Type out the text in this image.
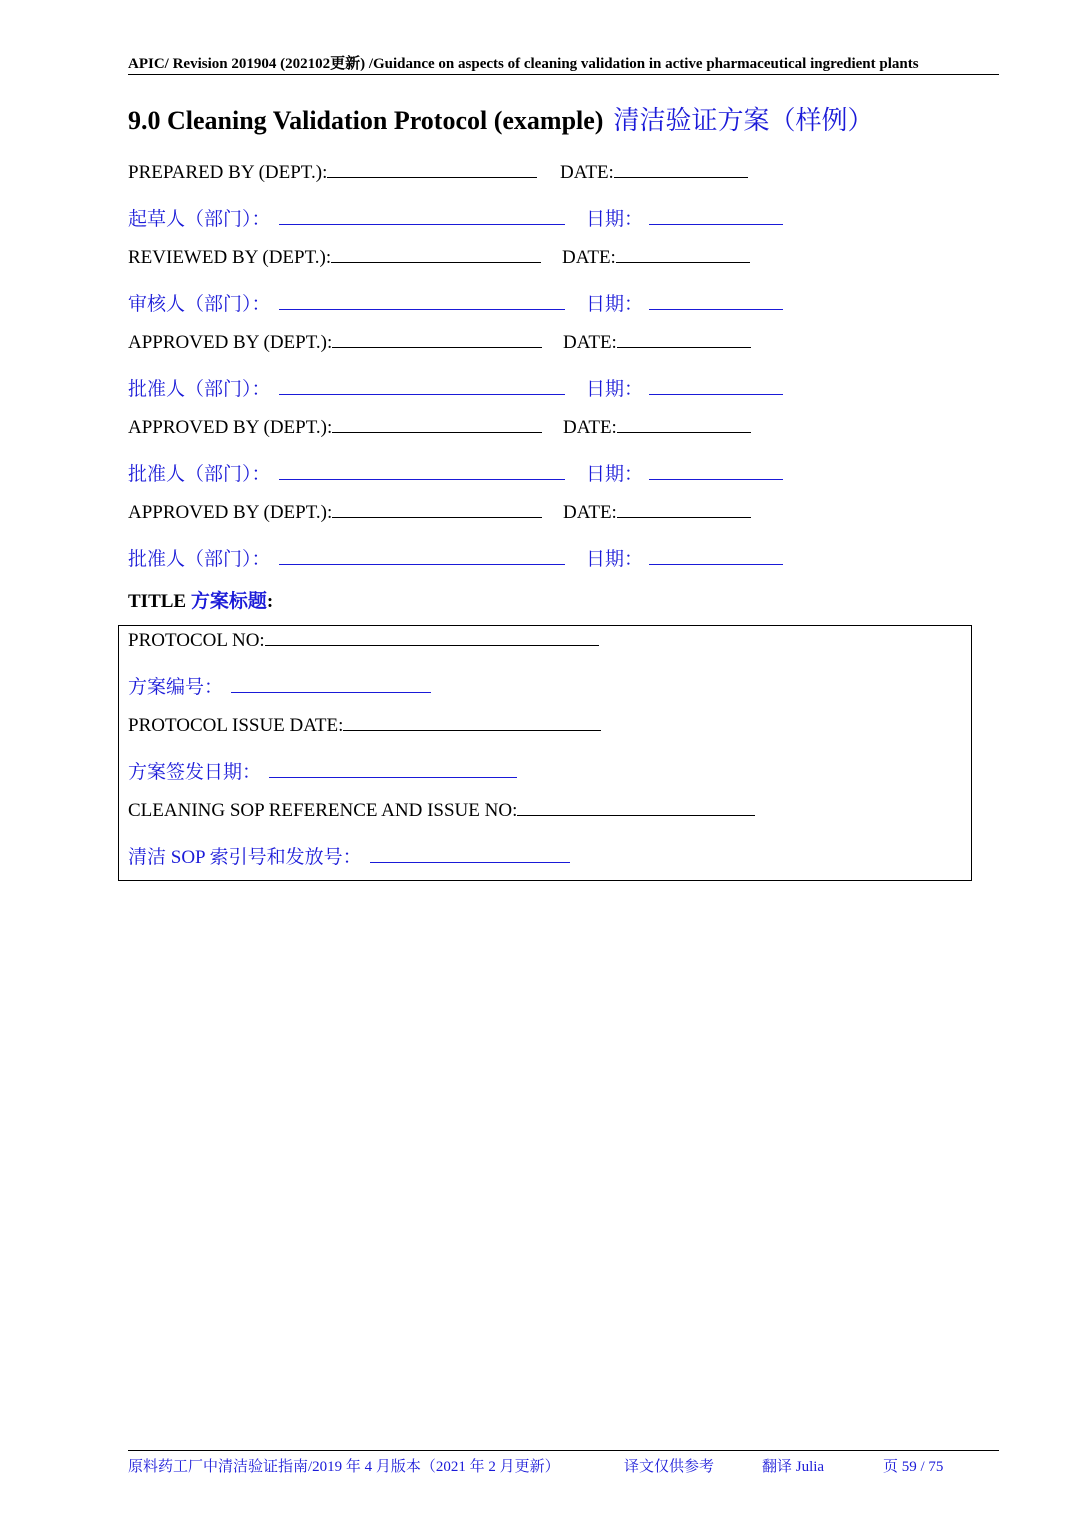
APIC/ Revision 201904 (202102更新) /Guidance on aspects of cleaning validation in active pharmaceutical ingredient plants
9.0 Cleaning Validation Protocol (example) 清洁验证方案（样例）
PREPARED BY (DEPT.):	DATE:
起草人（部门）：	日期：
REVIEWED BY (DEPT.):	DATE:
审核人（部门）：	日期：
APPROVED BY (DEPT.):	DATE:
批准人（部门）：	日期：
APPROVED BY (DEPT.):	DATE:
批准人（部门）：	日期：
APPROVED BY (DEPT.):	DATE:
批准人（部门）：	日期：
TITLE 方案标题:
PROTOCOL NO:
方案编号：
PROTOCOL ISSUE DATE:
方案签发日期：
CLEANING SOP REFERENCE AND ISSUE NO:
清洁 SOP 索引号和发放号：
原料药工厂中清洁验证指南/2019 年 4 月版本（2021 年 2 月更新）	译文仅供参考	翻译 Julia	页 59 / 75
